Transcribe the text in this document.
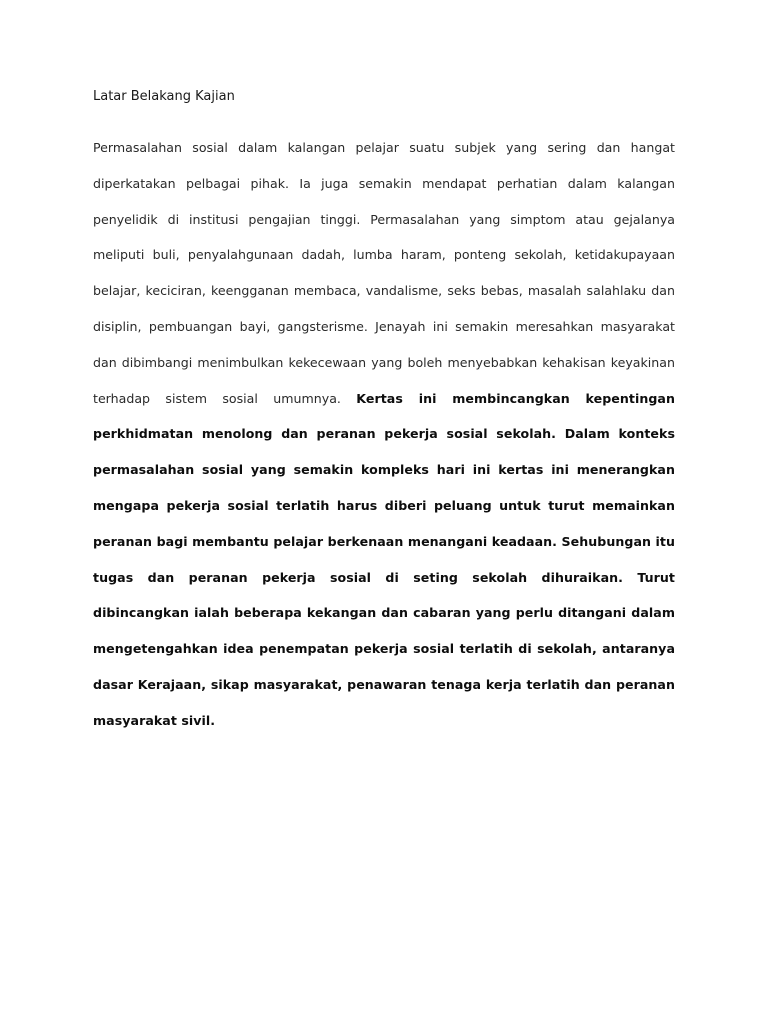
Latar Belakang Kajian

Permasalahan sosial dalam kalangan pelajar suatu subjek yang sering dan hangat diperkatakan pelbagai pihak. Ia juga semakin mendapat perhatian dalam kalangan penyelidik di institusi pengajian tinggi. Permasalahan yang simptom atau gejalanya meliputi buli, penyalahgunaan dadah, lumba haram, ponteng sekolah, ketidakupayaan belajar, keciciran, keengganan membaca, vandalisme, seks bebas, masalah salahlaku dan disiplin, pembuangan bayi, gangsterisme. Jenayah ini semakin meresahkan masyarakat dan dibimbangi menimbulkan kekecewaan yang boleh menyebabkan kehakisan keyakinan terhadap sistem sosial umumnya. Kertas ini membincangkan kepentingan perkhidmatan menolong dan peranan pekerja sosial sekolah. Dalam konteks permasalahan sosial yang semakin kompleks hari ini kertas ini menerangkan mengapa pekerja sosial terlatih harus diberi peluang untuk turut memainkan peranan bagi membantu pelajar berkenaan menangani keadaan. Sehubungan itu tugas dan peranan pekerja sosial di seting sekolah dihuraikan. Turut dibincangkan ialah beberapa kekangan dan cabaran yang perlu ditangani dalam mengetengahkan idea penempatan pekerja sosial terlatih di sekolah, antaranya dasar Kerajaan, sikap masyarakat, penawaran tenaga kerja terlatih dan peranan masyarakat sivil.
